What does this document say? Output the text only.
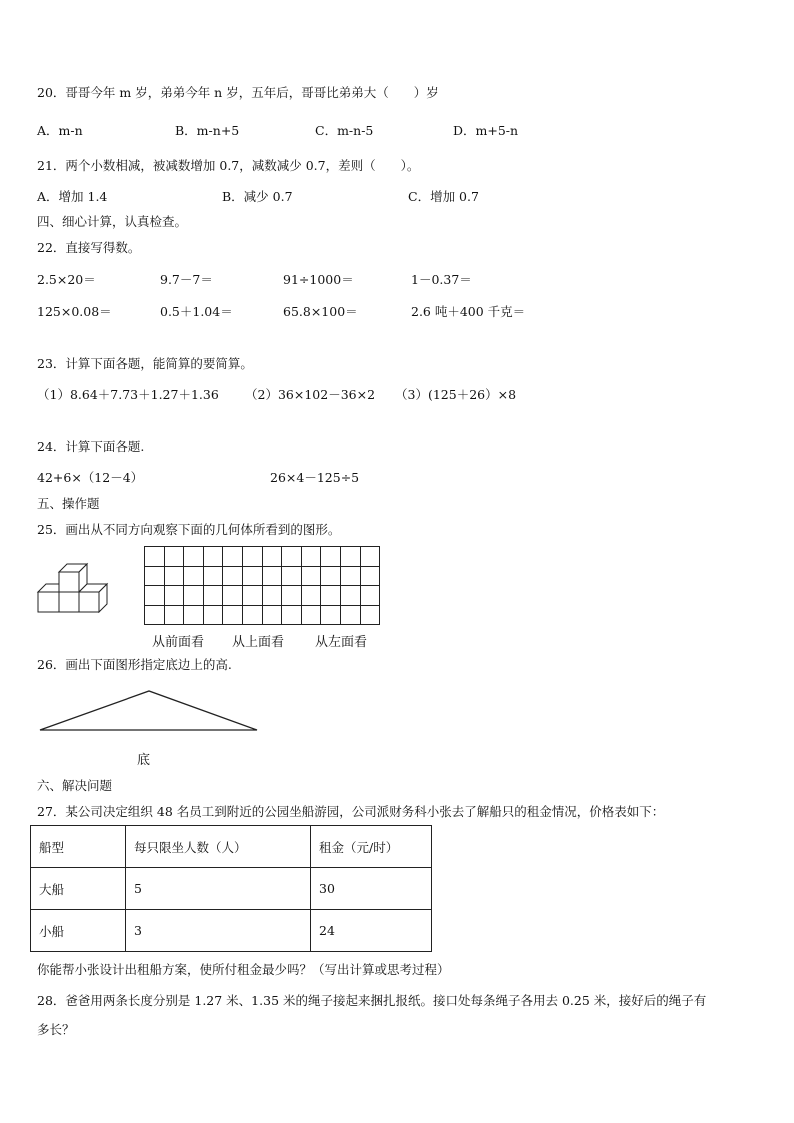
20．哥哥今年 m 岁，弟弟今年 n 岁，五年后，哥哥比弟弟大（　　）岁
A．m-n	B．m-n+5	C．m-n-5	D．m+5-n
21．两个小数相减，被减数增加 0.7，减数减少 0.7，差则（　　）。
A．增加 1.4	B．减少 0.7	C．增加 0.7
四、细心计算，认真检查。
22．直接写得数。
2.5×20＝	9.7－7＝	91÷1000＝	1－0.37＝
125×0.08＝	0.5＋1.04＝	65.8×100＝	2.6 吨＋400 千克＝
23．计算下面各题，能简算的要简算。
（1）8.64＋7.73＋1.27＋1.36 （2）36×102－36×2 （3）(125＋26）×8
24．计算下面各题.
42+6×（12－4）	26×4－125÷5
五、操作题
25．画出从不同方向观察下面的几何体所看到的图形。

从前面看 从上面看 从左面看
26．画出下面图形指定底边上的高.
底
六、解决问题
27．某公司决定组织 48 名员工到附近的公园坐船游园，公司派财务科小张去了解船只的租金情况，价格表如下：
船型	每只限坐人数（人）	租金（元/时）
大船	5	30
小船	3	24
你能帮小张设计出租船方案，使所付租金最少吗？（写出计算或思考过程）
28．爸爸用两条长度分别是 1.27 米、1.35 米的绳子接起来捆扎报纸。接口处每条绳子各用去 0.25 米，接好后的绳子有
多长？
